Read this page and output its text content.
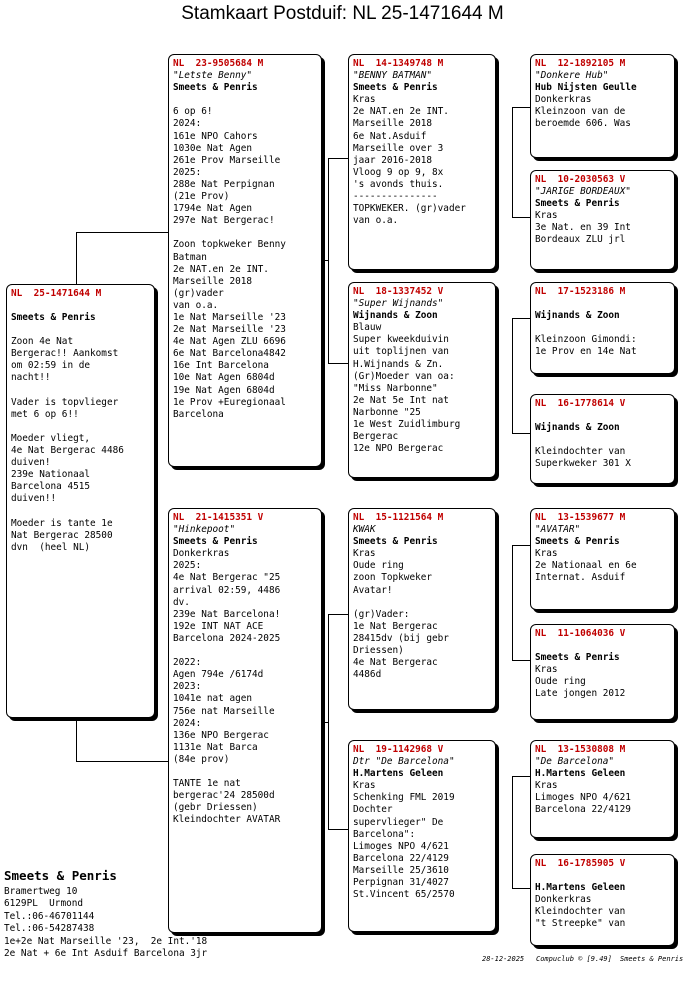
Stamkaart Postduif: NL 25-1471644 M
NL  25-1471644 M
Smeets & Penris
Zoon 4e Nat
Bergerac!! Aankomst
om 02:59 in de
nacht!!

Vader is topvlieger
met 6 op 6!!

Moeder vliegt,
4e Nat Bergerac 4486
duiven!
239e Nationaal
Barcelona 4515
duiven!!

Moeder is tante 1e
Nat Bergerac 28500
dvn  (heel NL)
NL  23-9505684 M
"Letste Benny"
Smeets & Penris

6 op 6!
2024:
161e NPO Cahors
1030e Nat Agen
261e Prov Marseille
2025:
288e Nat Perpignan
(21e Prov)
1794e Nat Agen
297e Nat Bergerac!

Zoon topkweker Benny
Batman
2e NAT.en 2e INT.
Marseille 2018
(gr)vader
van o.a.
1e Nat Marseille '23
2e Nat Marseille '23
4e Nat Agen ZLU 6696
6e Nat Barcelona4842
16e Int Barcelona
10e Nat Agen 6804d
19e Nat Agen 6804d
1e Prov +Euregionaal
Barcelona
NL  21-1415351 V
"Hinkepoot"
Smeets & Penris
Donkerkras
2025:
4e Nat Bergerac "25
arrival 02:59, 4486
dv.
239e Nat Barcelona!
192e INT NAT ACE
Barcelona 2024-2025

2022:
Agen 794e /6174d
2023:
1041e nat agen
756e nat Marseille
2024:
136e NPO Bergerac
1131e Nat Barca
(84e prov)

TANTE 1e nat
bergerac'24 28500d
(gebr Driessen)
Kleindochter AVATAR
NL  14-1349748 M
"BENNY BATMAN"
Smeets & Penris
Kras
2e NAT.en 2e INT.
Marseille 2018
6e Nat.Asduif
Marseille over 3
jaar 2016-2018
Vloog 9 op 9, 8x
's avonds thuis.
---------------
TOPKWEKER. (gr)vader
van o.a.
NL  18-1337452 V
"Super Wijnands"
Wijnands & Zoon
Blauw
Super kweekduivin
uit toplijnen van
H.Wijnands & Zn.
(Gr)Moeder van oa:
"Miss Narbonne"
2e Nat 5e Int nat
Narbonne "25
1e West Zuidlimburg
Bergerac
12e NPO Bergerac
NL  15-1121564 M
KWAK
Smeets & Penris
Kras
Oude ring
zoon Topkweker
Avatar!

(gr)Vader:
1e Nat Bergerac
28415dv (bij gebr
Driessen)
4e Nat Bergerac
4486d
NL  19-1142968 V
Dtr "De Barcelona"
H.Martens Geleen
Kras
Schenking FML 2019
Dochter
supervlieger" De
Barcelona":
Limoges NPO 4/621
Barcelona 22/4129
Marseille 25/3610
Perpignan 31/4027
St.Vincent 65/2570
NL  12-1892105 M
"Donkere Hub"
Hub Nijsten Geulle
Donkerkras
Kleinzoon van de
beroemde 606. Was
NL  10-2030563 V
"JARIGE BORDEAUX"
Smeets & Penris
Kras
3e Nat. en 39 Int
Bordeaux ZLU jrl
NL  17-1523186 M
Wijnands & Zoon

Kleinzoon Gimondi:
1e Prov en 14e Nat
NL  16-1778614 V
Wijnands & Zoon

Kleindochter van
Superkweker 301 X
NL  13-1539677 M
"AVATAR"
Smeets & Penris
Kras
2e Nationaal en 6e
Internat. Asduif
NL  11-1064036 V
Smeets & Penris
Kras
Oude ring
Late jongen 2012
NL  13-1530808 M
"De Barcelona"
H.Martens Geleen
Kras
Limoges NPO 4/621
Barcelona 22/4129
NL  16-1785905 V
H.Martens Geleen
Donkerkras
Kleindochter van
"t Streepke" van
Smeets & Penris
Bramertweg 10
6129PL  Urmond
Tel.:06-46701144
Tel.:06-54287438
1e+2e Nat Marseille '23,  2e Int.'18
2e Nat + 6e Int Asduif Barcelona 3jr	28-12-2025 Compuclub © [9.49] Smeets & Penris
